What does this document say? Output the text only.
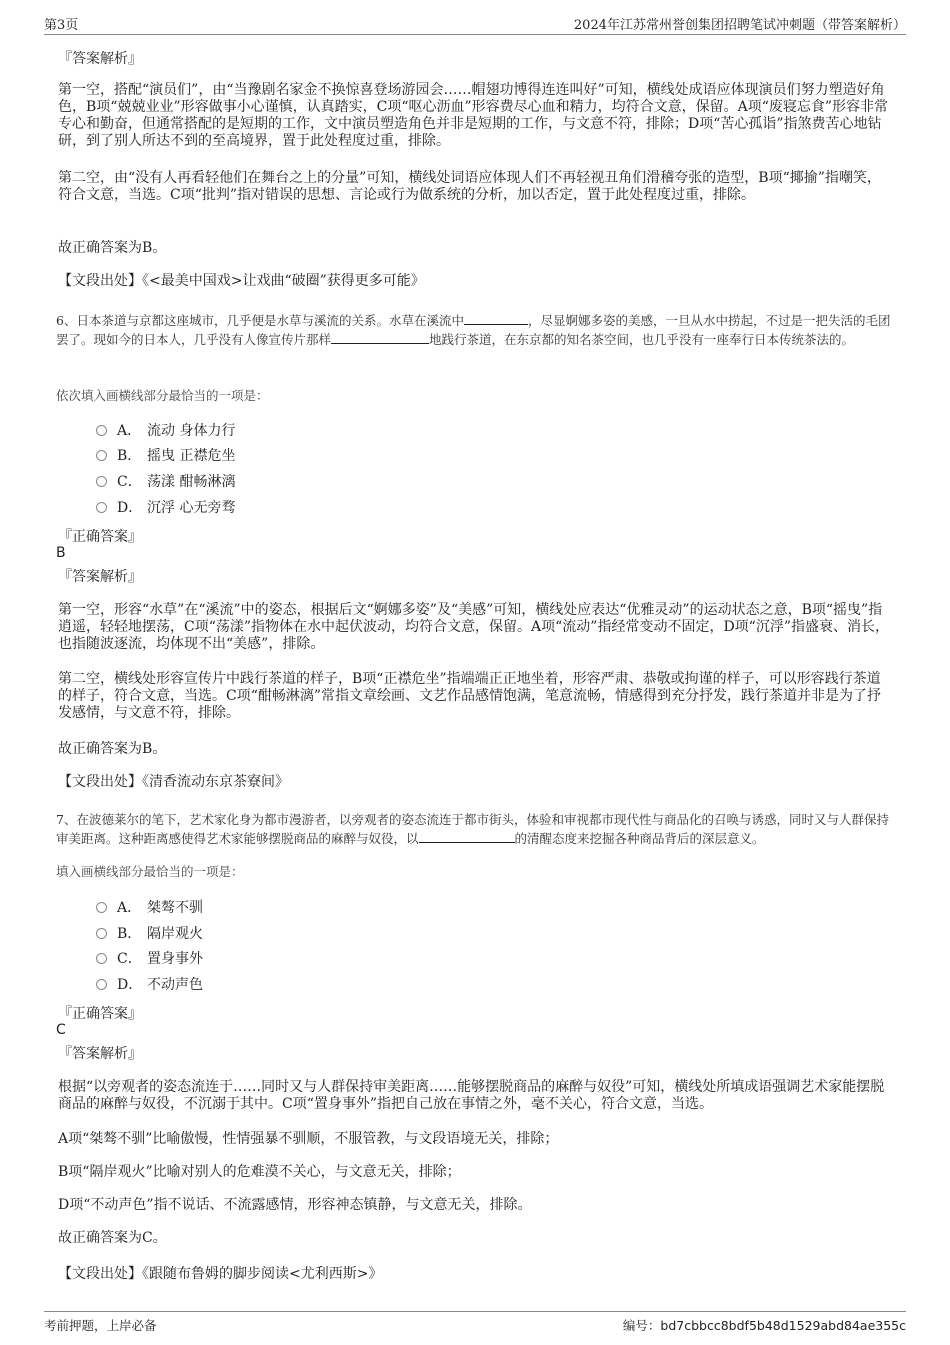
第3页	2024年江苏常州誉创集团招聘笔试冲刺题（带答案解析）

『答案解析』

第一空，搭配“演员们”，由“当豫剧名家金不换惊喜登场游园会……帽翅功博得连连叫好”可知，横线处成语应体现演员们努力塑造好角色，B项“兢兢业业”形容做事小心谨慎，认真踏实，C项“呕心沥血”形容费尽心血和精力，均符合文意，保留。A项“废寝忘食”形容非常专心和勤奋，但通常搭配的是短期的工作，文中演员塑造角色并非是短期的工作，与文意不符，排除；D项“苦心孤诣”指煞费苦心地钻研，到了别人所达不到的至高境界，置于此处程度过重，排除。

第二空，由“没有人再看轻他们在舞台之上的分量”可知，横线处词语应体现人们不再轻视丑角们滑稽夸张的造型，B项“揶揄”指嘲笑，符合文意，当选。C项“批判”指对错误的思想、言论或行为做系统的分析，加以否定，置于此处程度过重，排除。

故正确答案为B。

【文段出处】《<最美中国戏>让戏曲“破圈”获得更多可能》

6、日本茶道与京都这座城市，几乎便是水草与溪流的关系。水草在溪流中	，尽显婀娜多姿的美感，一旦从水中捞起，不过是一把失活的毛团罢了。现如今的日本人，几乎没有人像宣传片那样	地践行茶道，在东京都的知名茶空间，也几乎没有一座奉行日本传统茶法的。

依次填入画横线部分最恰当的一项是：

A． 流动 身体力行
B． 摇曳 正襟危坐
C． 荡漾 酣畅淋漓
D． 沉浮 心无旁骛

『正确答案』

B

『答案解析』

第一空，形容“水草”在“溪流”中的姿态，根据后文“婀娜多姿”及“美感”可知，横线处应表达“优雅灵动”的运动状态之意，B项“摇曳”指逍遥，轻轻地摆荡，C项“荡漾”指物体在水中起伏波动，均符合文意，保留。A项“流动”指经常变动不固定，D项“沉浮”指盛衰、消长，也指随波逐流，均体现不出“美感”，排除。

第二空，横线处形容宣传片中践行茶道的样子，B项“正襟危坐”指端端正正地坐着，形容严肃、恭敬或拘谨的样子，可以形容践行茶道的样子，符合文意，当选。C项“酣畅淋漓”常指文章绘画、文艺作品感情饱满，笔意流畅，情感得到充分抒发，践行茶道并非是为了抒发感情，与文意不符，排除。

故正确答案为B。

【文段出处】《清香流动东京茶寮间》

7、在波德莱尔的笔下，艺术家化身为都市漫游者，以旁观者的姿态流连于都市街头，体验和审视都市现代性与商品化的召唤与诱惑，同时又与人群保持审美距离。这种距离感使得艺术家能够摆脱商品的麻醉与奴役，以	的清醒态度来挖掘各种商品背后的深层意义。

填入画横线部分最恰当的一项是：

A． 桀骜不驯
B． 隔岸观火
C． 置身事外
D． 不动声色

『正确答案』

C

『答案解析』

根据“以旁观者的姿态流连于……同时又与人群保持审美距离……能够摆脱商品的麻醉与奴役”可知，横线处所填成语强调艺术家能摆脱商品的麻醉与奴役，不沉溺于其中。C项“置身事外”指把自己放在事情之外，毫不关心，符合文意，当选。

A项“桀骜不驯”比喻傲慢，性情强暴不驯顺，不服管教，与文段语境无关，排除；

B项“隔岸观火”比喻对别人的危难漠不关心，与文意无关，排除；

D项“不动声色”指不说话、不流露感情，形容神态镇静，与文意无关，排除。

故正确答案为C。

【文段出处】《跟随布鲁姆的脚步阅读<尤利西斯>》

考前押题，上岸必备	编号：bd7cbbcc8bdf5b48d1529abd84ae355c
